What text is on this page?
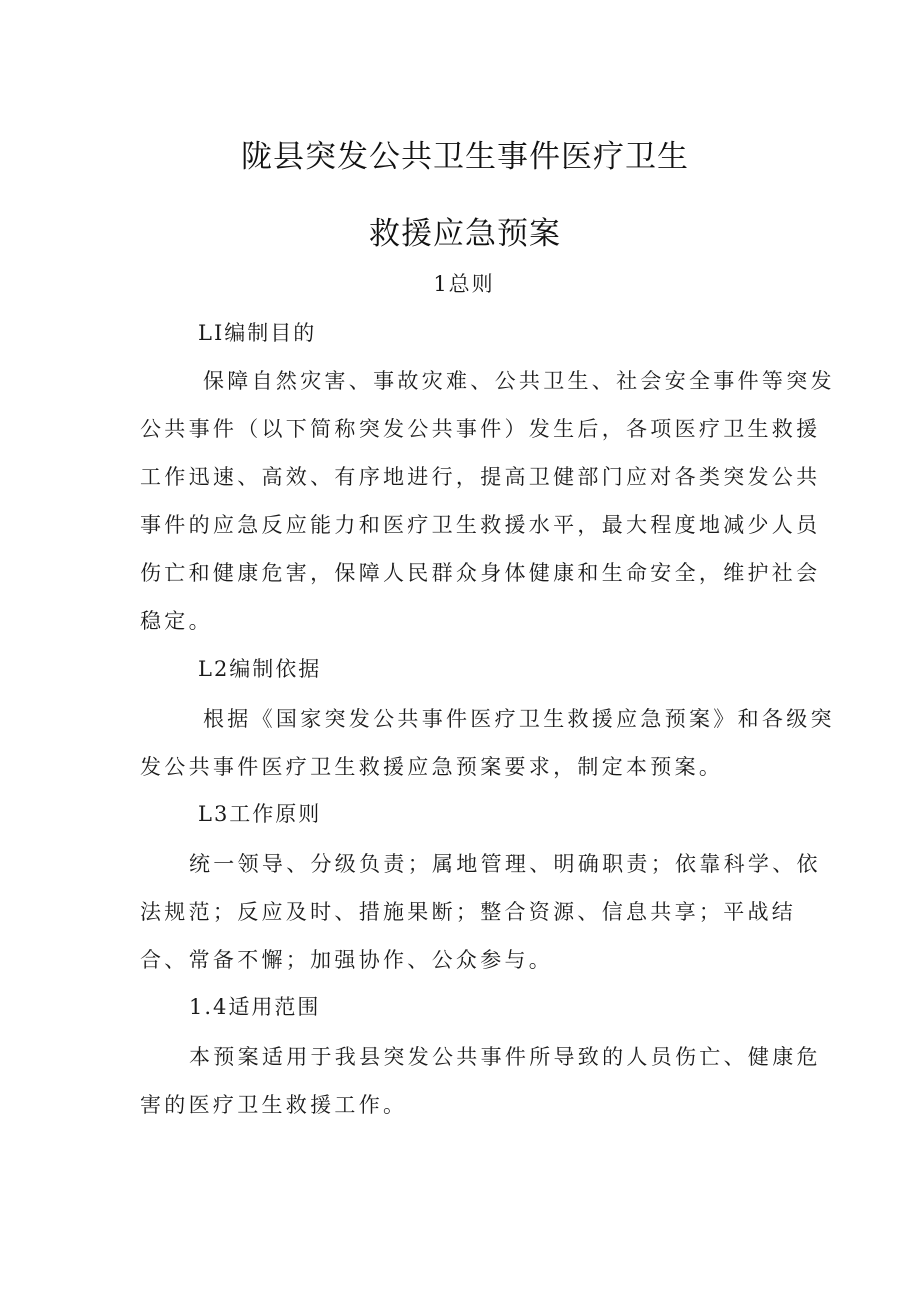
陇县突发公共卫生事件医疗卫生
救援应急预案
1总则
LI编制目的
保障自然灾害、事故灾难、公共卫生、社会安全事件等突发
公共事件（以下简称突发公共事件）发生后，各项医疗卫生救援
工作迅速、高效、有序地进行，提高卫健部门应对各类突发公共
事件的应急反应能力和医疗卫生救援水平，最大程度地减少人员
伤亡和健康危害，保障人民群众身体健康和生命安全，维护社会
稳定。
L2编制依据
根据《国家突发公共事件医疗卫生救援应急预案》和各级突
发公共事件医疗卫生救援应急预案要求，制定本预案。
L3工作原则
统一领导、分级负责；属地管理、明确职责；依靠科学、依
法规范；反应及时、措施果断；整合资源、信息共享；平战结
合、常备不懈；加强协作、公众参与。
1.4适用范围
本预案适用于我县突发公共事件所导致的人员伤亡、健康危
害的医疗卫生救援工作。
